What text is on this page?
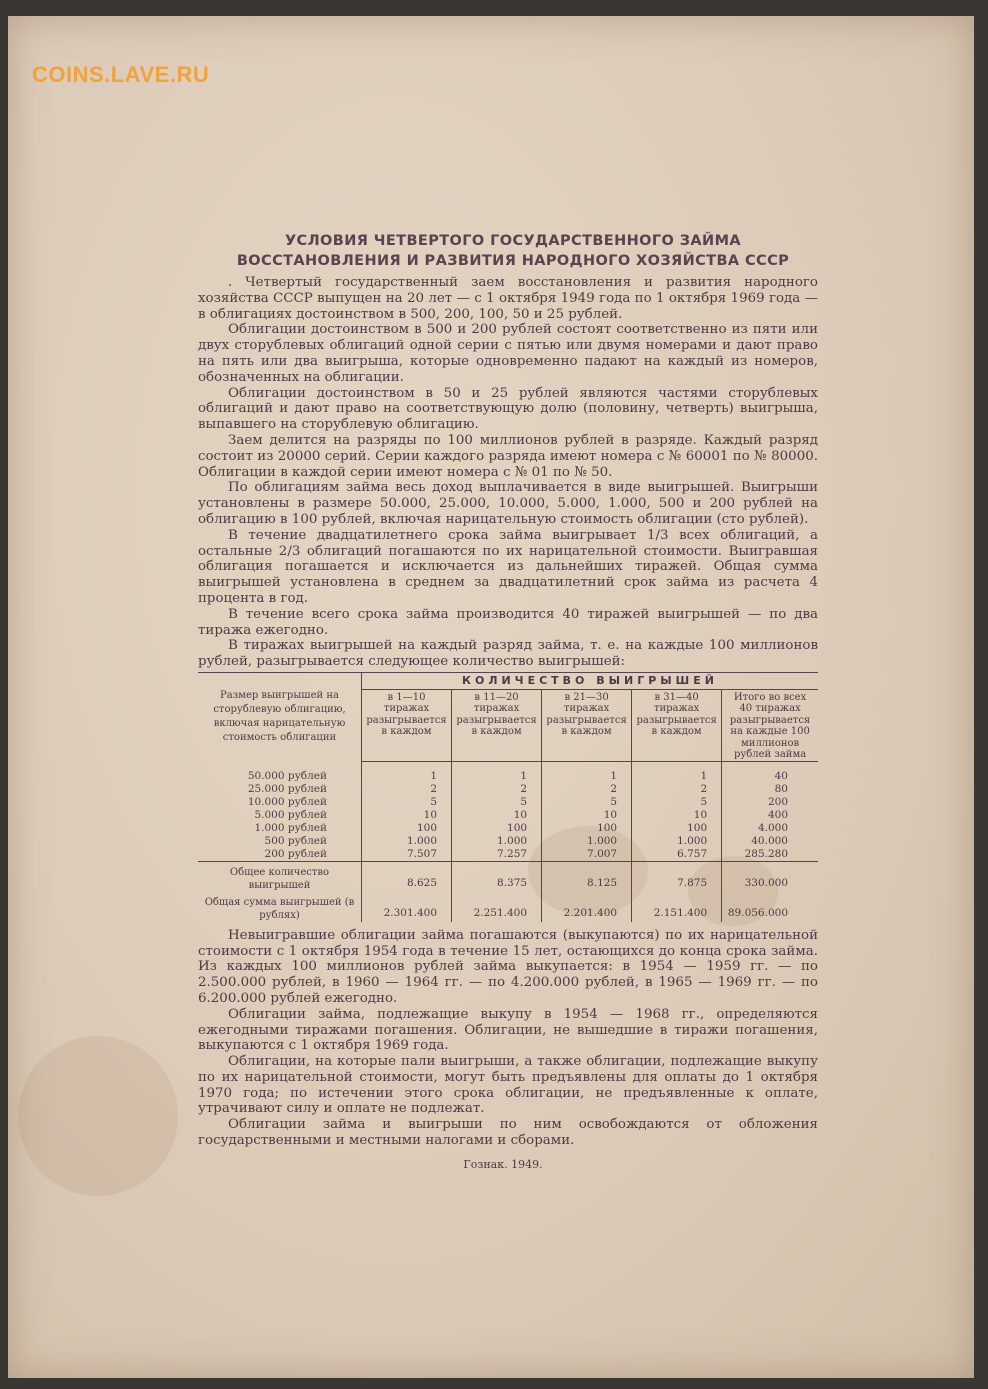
COINS.LAVE.RU
УСЛОВИЯ ЧЕТВЕРТОГО ГОСУДАРСТВЕННОГО ЗАЙМА
ВОССТАНОВЛЕНИЯ И РАЗВИТИЯ НАРОДНОГО ХОЗЯЙСТВА СССР

. Четвертый государственный заем восстановления и развития народного хозяйства СССР выпущен на 20 лет — с 1 октября 1949 года по 1 октября 1969 года — в облигациях достоинством в 500, 200, 100, 50 и 25 рублей.

Облигации достоинством в 500 и 200 рублей состоят соответственно из пяти или двух сторублевых облигаций одной серии с пятью или двумя номерами и дают право на пять или два выигрыша, которые одновременно падают на каждый из номеров, обозначенных на облигации.

Облигации достоинством в 50 и 25 рублей являются частями сторублевых облигаций и дают право на соответствующую долю (половину, четверть) выигрыша, выпавшего на сторублевую облигацию.

Заем делится на разряды по 100 миллионов рублей в разряде. Каждый разряд состоит из 20000 серий. Серии каждого разряда имеют номера с № 60001 по № 80000. Облигации в каждой серии имеют номера с № 01 по № 50.

По облигациям займа весь доход выплачивается в виде выигрышей. Выигрыши установлены в размере 50.000, 25.000, 10.000, 5.000, 1.000, 500 и 200 рублей на облигацию в 100 рублей, включая нарицательную стоимость облигации (сто рублей).

В течение двадцатилетнего срока займа выигрывает 1/3 всех облигаций, а остальные 2/3 облигаций погашаются по их нарицательной стоимости. Выигравшая облигация погашается и исключается из дальнейших тиражей. Общая сумма выигрышей установлена в среднем за двадцатилетний срок займа из расчета 4 процента в год.

В течение всего срока займа производится 40 тиражей выигрышей — по два тиража ежегодно.

В тиражах выигрышей на каждый разряд займа, т. е. на каждые 100 миллионов рублей, разыгрывается следующее количество выигрышей:

Размер выигрышей на сторублевую облигацию, включая нарицательную стоимость облигации	КОЛИЧЕСТВО ВЫИГРЫШЕЙ				
	в 1—10 тиражах разыгрывается в каждом	в 11—20 тиражах разыгрывается в каждом	в 21—30 тиражах разыгрывается в каждом	в 31—40 тиражах разыгрывается в каждом	Итого во всех 40 тиражах разыгрывается на каждые 100 миллионов рублей займа

50.000 рублей	1	1	1	1	40
25.000 рублей	2	2	2	2	80
10.000 рублей	5	5	5	5	200
5.000 рублей	10	10	10	10	400
1.000 рублей	100	100	100	100	4.000
500 рублей	1.000	1.000	1.000	1.000	40.000
200 рублей	7.507	7.257	7.007	6.757	285.280
Общее количество выигрышей	8.625	8.375	8.125	7.875	330.000
Общая сумма выигрышей (в рублях)	2.301.400	2.251.400	2.201.400	2.151.400	89.056.000

Невыигравшие облигации займа погашаются (выкупаются) по их нарицательной стоимости с 1 октября 1954 года в течение 15 лет, остающихся до конца срока займа. Из каждых 100 миллионов рублей займа выкупается: в 1954 — 1959 гг. — по 2.500.000 рублей, в 1960 — 1964 гг. — по 4.200.000 рублей, в 1965 — 1969 гг. — по 6.200.000 рублей ежегодно.

Облигации займа, подлежащие выкупу в 1954 — 1968 гг., определяются ежегодными тиражами погашения. Облигации, не вышедшие в тиражи погашения, выкупаются с 1 октября 1969 года.

Облигации, на которые пали выигрыши, а также облигации, подлежащие выкупу по их нарицательной стоимости, могут быть предъявлены для оплаты до 1 октября 1970 года; по истечении этого срока облигации, не предъявленные к оплате, утрачивают силу и оплате не подлежат.

Облигации займа и выигрыши по ним освобождаются от обложения государственными и местными налогами и сборами.

Гознак. 1949.
